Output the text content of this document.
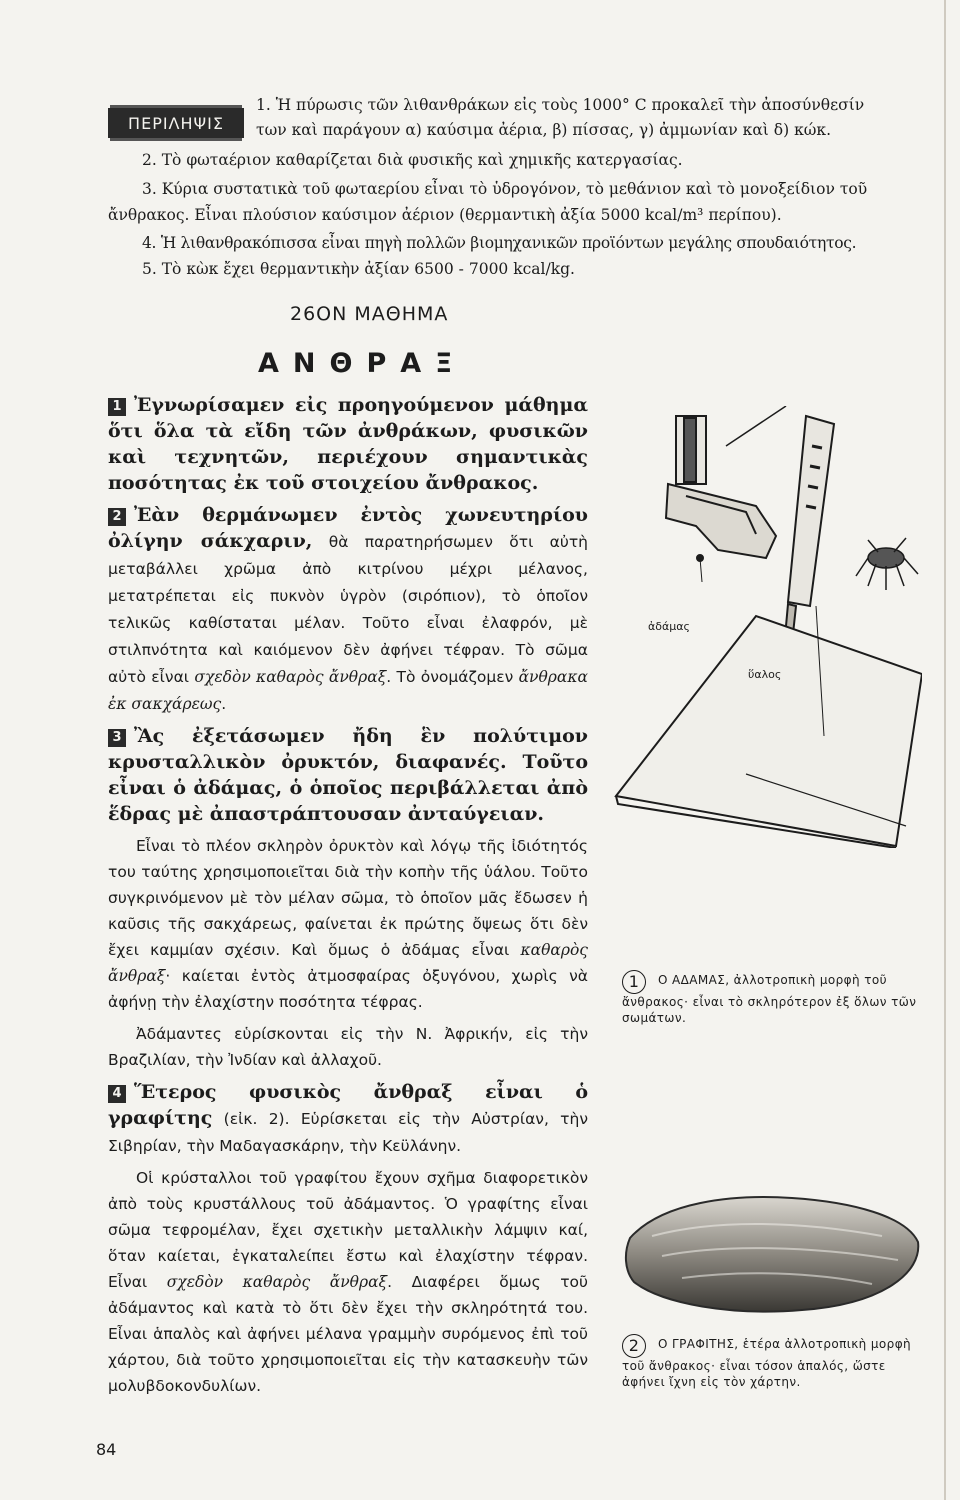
ΠΕΡΙΛΗΨΙΣ
1. Ἡ πύρωσις τῶν λιθανθράκων εἰς τοὺς 1000° C προκαλεῖ τὴν ἀποσύνθεσίν
των καὶ παράγουν α) καύσιμα ἀέρια, β) πίσσας, γ) ἀμμωνίαν καὶ δ) κώκ.
2. Τὸ φωταέριον καθαρίζεται διὰ φυσικῆς καὶ χημικῆς κατεργασίας.
3. Κύρια συστατικὰ τοῦ φωταερίου εἶναι τὸ ὑδρογόνον, τὸ μεθάνιον καὶ τὸ μονοξείδιον τοῦ
ἄνθρακος. Εἶναι πλούσιον καύσιμον ἀέριον (θερμαντικὴ ἀξία 5000 kcal/m³ περίπου).
4. Ἡ λιθανθρακόπισσα εἶναι πηγὴ πολλῶν βιομηχανικῶν προϊόντων μεγάλης σπουδαιότητος.
5. Τὸ κὼκ ἔχει θερμαντικὴν ἀξίαν 6500 - 7000 kcal/kg.
26ΟΝ ΜΑΘΗΜΑ
ΑΝΘΡΑΞ

1 Ἐγνωρίσαμεν εἰς προηγούμενον μάθημα ὅτι ὅλα τὰ εἴδη τῶν ἀνθράκων, φυσικῶν καὶ τεχνητῶν, περιέχουν σημαντικὰς ποσότητας ἐκ τοῦ στοιχείου ἄνθρακος.

2 Ἐὰν θερμάνωμεν ἐντὸς χωνευτηρίου ὀλίγην σάκχαριν, θὰ παρατηρήσωμεν ὅτι αὐτὴ μεταβάλλει χρῶμα ἀπὸ κιτρίνου μέχρι μέλανος, μετατρέπεται εἰς πυκνὸν ὑγρὸν (σιρόπιον), τὸ ὁποῖον τελικῶς καθίσταται μέλαν. Τοῦτο εἶναι ἐλαφρόν, μὲ στιλπνότητα καὶ καιόμενον δὲν ἀφήνει τέφραν. Τὸ σῶμα αὐτὸ εἶναι σχεδὸν καθαρὸς ἄνθραξ. Τὸ ὀνομάζομεν ἄνθρακα ἐκ σακχάρεως.

3 Ἂς ἐξετάσωμεν ἤδη ἓν πολύτιμον κρυσταλλικὸν ὀρυκτόν, διαφανές. Τοῦτο εἶναι ὁ ἀδάμας, ὁ ὁποῖος περιβάλλεται ἀπὸ ἕδρας μὲ ἀπαστράπτουσαν ἀνταύγειαν.

Εἶναι τὸ πλέον σκληρὸν ὀρυκτὸν καὶ λόγῳ τῆς ἰδιότητός του ταύτης χρησιμοποιεῖται διὰ τὴν κοπὴν τῆς ὑάλου. Τοῦτο συγκρινόμενον μὲ τὸν μέλαν σῶμα, τὸ ὁποῖον μᾶς ἔδωσεν ἡ καῦσις τῆς σακχάρεως, φαίνεται ἐκ πρώτης ὄψεως ὅτι δὲν ἔχει καμμίαν σχέσιν. Καὶ ὅμως ὁ ἀδάμας εἶναι καθαρὸς ἄνθραξ· καίεται ἐντὸς ἀτμοσφαίρας ὀξυγόνου, χωρὶς νὰ ἀφήνῃ τὴν ἐλαχίστην ποσότητα τέφρας.

Ἀδάμαντες εὑρίσκονται εἰς τὴν Ν. Ἀφρικήν, εἰς τὴν Βραζιλίαν, τὴν Ἰνδίαν καὶ ἀλλαχοῦ.

4 Ἕτερος φυσικὸς ἄνθραξ εἶναι ὁ γραφίτης (εἰκ. 2). Εὑρίσκεται εἰς τὴν Αὐστρίαν, τὴν Σιβηρίαν, τὴν Μαδαγασκάρην, τὴν Κεϋλάνην.

Οἱ κρύσταλλοι τοῦ γραφίτου ἔχουν σχῆμα διαφορετικὸν ἀπὸ τοὺς κρυστάλλους τοῦ ἀδάμαντος. Ὁ γραφίτης εἶναι σῶμα τεφρομέλαν, ἔχει σχετικὴν μεταλλικὴν λάμψιν καί, ὅταν καίεται, ἐγκαταλείπει ἔστω καὶ ἐλαχίστην τέφραν. Εἶναι σχεδὸν καθαρὸς ἄνθραξ. Διαφέρει ὅμως τοῦ ἀδάμαντος καὶ κατὰ τὸ ὅτι δὲν ἔχει τὴν σκληρότητά του. Εἶναι ἁπαλὸς καὶ ἀφήνει μέλανα γραμμὴν συρόμενος ἐπὶ τοῦ χάρτου, διὰ τοῦτο χρησιμοποιεῖται εἰς τὴν κατασκευὴν τῶν μολυβδοκονδυλίων.

ἀδάμας
ὕαλος
1 Ο ΑΔΑΜΑΣ, ἀλλοτροπικὴ μορφὴ τοῦ ἄνθρακος· εἶναι τὸ σκληρότερον ἐξ ὅλων τῶν σωμάτων.
2 Ο ΓΡΑΦΙΤΗΣ, ἑτέρα ἀλλοτροπικὴ μορφὴ τοῦ ἄνθρακος· εἶναι τόσον ἁπαλός, ὥστε ἀφήνει ἴχνη εἰς τὸν χάρτην.
84
